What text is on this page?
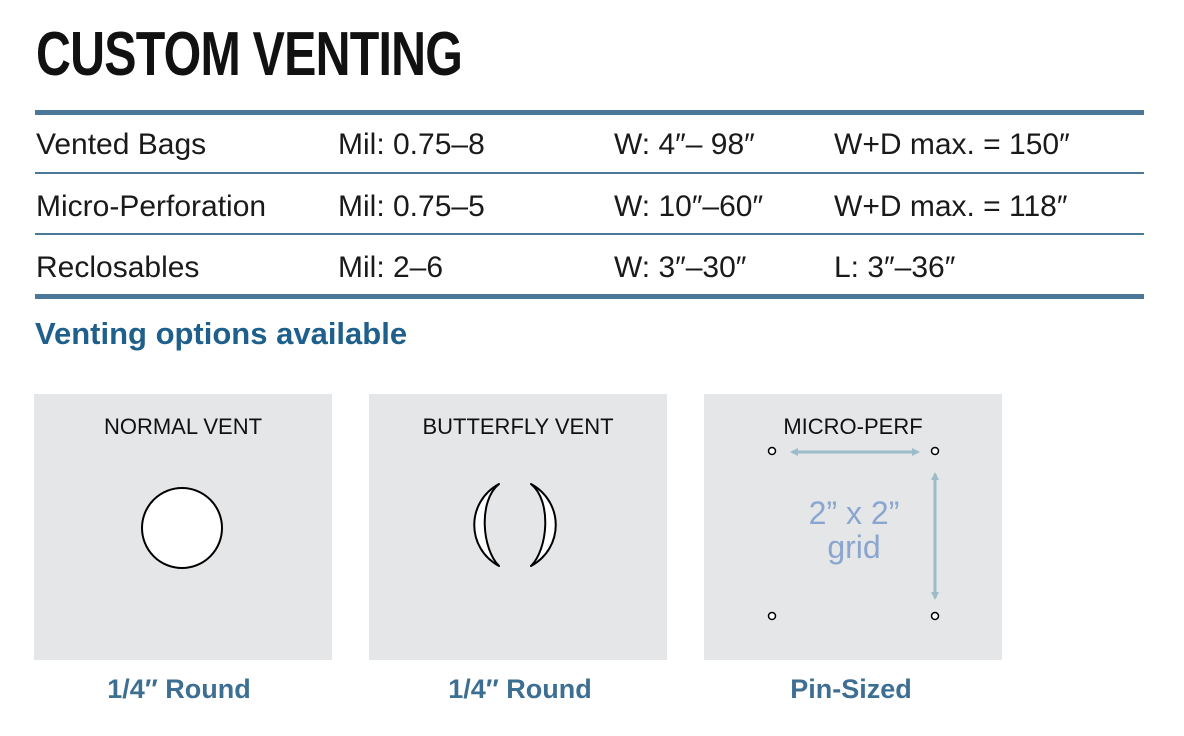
CUSTOM VENTING
Vented Bags	Mil: 0.75–8	W: 4″– 98″	W+D max. = 150″
Micro-Perforation Mil: 0.75–5	W: 10″–60″ W+D max. = 118″
Reclosables	Mil: 2–6	W: 3″–30″	L: 3″–36″
Venting options available
NORMAL VENT	BUTTERFLY VENT	MICRO-PERF
2” x 2”
grid
1/4″ Round	1/4″ Round	Pin-Sized
